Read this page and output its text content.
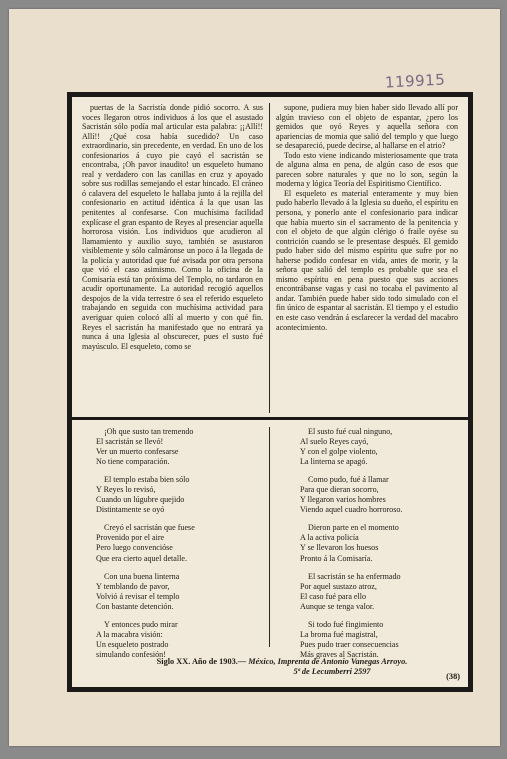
119915

puertas de la Sacristía donde pidió socorro. A sus voces llegaron otros individuos á los que el asustado Sacristán sólo podía mal articular esta palabra: ¡¡Allí!! Allí!! ¿Qué cosa había sucedido? Un caso extraordinario, sin precedente, en verdad. En uno de los confesionarios á cuyo pie cayó el sacristán se encontraba, ¡Oh pavor inaudito! un esqueleto humano real y verdadero con las canillas en cruz y apoyado sobre sus rodillas semejando el estar hincado. El cráneo ó calavera del esqueleto le hallaba junto á la rejilla del confesionario en actitud idéntica á la que usan las penitentes al confesarse. Con muchísima facilidad explícase el gran espanto de Reyes al presenciar aquella horrorosa visión. Los individuos que acudieron al llamamiento y auxilio suyo, también se asustaron visiblemente y sólo calmáronse un poco á la llegada de la policía y autoridad que fué avisada por otra persona que vió el caso asimismo. Como la oficina de la Comisaría está tan próxima del Templo, no tardaron en acudir oportunamente. La autoridad recogió aquellos despojos de la vida terrestre ó sea el referido esqueleto trabajando en seguida con muchísima actividad para averiguar quien colocó allí al muerto y con qué fin. Reyes el sacristán ha manifestado que no entrará ya nunca á una Iglesia al obscurecer, pues el susto fué mayúsculo. El esqueleto, como se

supone, pudiera muy bien haber sido llevado allí por algún travieso con el objeto de espantar, ¿pero los gemidos que oyó Reyes y aquella señora con apariencias de momia que salió del templo y que luego se desapareció, puede decirse, al hallarse en el atrio?

Todo esto viene indicando misteriosamente que trata de alguna alma en pena, de algún caso de esos que parecen sobre naturales y que no lo son, según la moderna y lógica Teoría del Espiritismo Científico.

El esqueleto es material enteramente y muy bien pudo haberlo llevado á la Iglesia su dueño, el espíritu en persona, y ponerlo ante el confesionario para indicar que había muerto sin el sacramento de la penitencia y con el objeto de que algún clérigo ó fraile oyése su contrición cuando se le presentase después. El gemido pudo haber sido del mismo espíritu que sufre por no haberse podido confesar en vida, antes de morir, y la señora que salió del templo es probable que sea el mismo espíritu en pena puesto que sus acciones encontrábanse vagas y casi no tocaba el pavimento al andar. También puede haber sido todo simulado con el fin único de espantar al sacristán. El tiempo y el estudio en este caso vendrán á esclarecer la verdad del macabro acontecimiento.

¡Oh que susto tan tremendo
El sacristán se llevó!
Ver un muerto confesarse
No tiene comparación.
El templo estaba bien sólo
Y Reyes lo revisó,
Cuando un lúgubre quejido
Distintamente se oyó
Creyó el sacristán que fuese
Provenido por el aire
Pero luego convencióse
Que era cierto aquel detalle.
Con una buena linterna
Y temblando de pavor,
Volvió á revisar el templo
Con bastante detención.
Y entonces pudo mirar
A la macabra visión:
Un esqueleto postrado
simulando confesión!
El susto fué cual ninguno,
Al suelo Reyes cayó,
Y con el golpe violento,
La linterna se apagó.
Como pudo, fué á llamar
Para que dieran socorro,
Y llegaron varios hombres
Viendo aquel cuadro horroroso.
Dieron parte en el momento
A la activa policía
Y se llevaron los huesos
Pronto á la Comisaría.
El sacristán se ha enfermado
Por aquel sustazo atroz,
El caso fué para ello
Aunque se tenga valor.
Si todo fué fingimiento
La broma fué magistral,
Pues pudo traer consecuencias
Más graves al Sacristán.
Siglo XX. Año de 1903.— México, Imprenta de Antonio Vanegas Arroyo.
5ª de Lecumberri 2597
(38)
